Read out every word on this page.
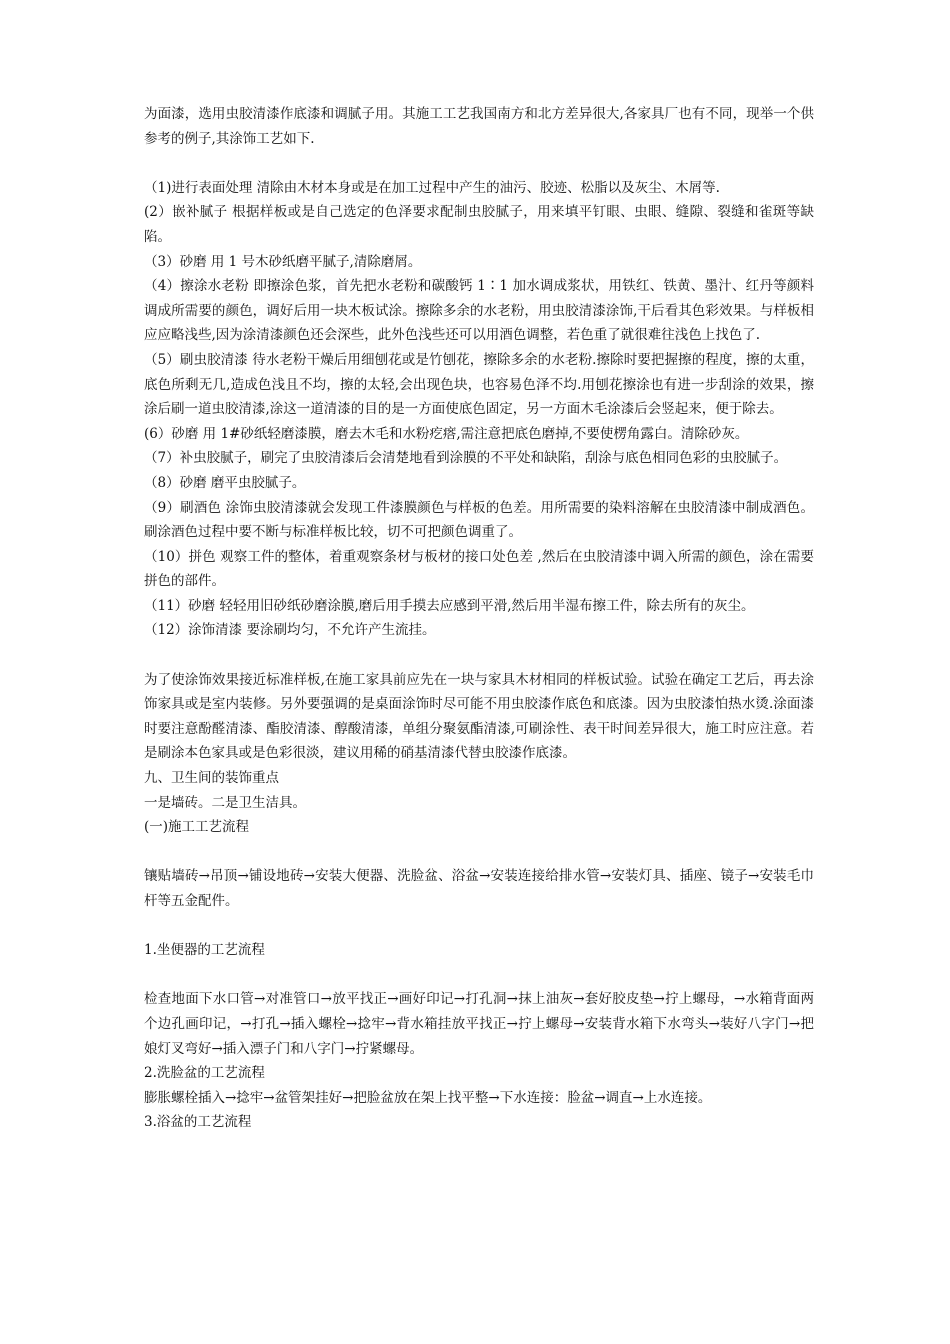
为面漆，选用虫胶清漆作底漆和调腻子用。其施工工艺我国南方和北方差异很大,各家具厂也有不同，现举一个供参考的例子,其涂饰工艺如下.

（1)进行表面处理 清除由木材本身或是在加工过程中产生的油污、胶迹、松脂以及灰尘、木屑等.

(2）嵌补腻子 根据样板或是自己选定的色泽要求配制虫胶腻子，用来填平钉眼、虫眼、缝隙、裂缝和雀斑等缺陷。

（3）砂磨 用 1 号木砂纸磨平腻子,清除磨屑。

（4）擦涂水老粉 即擦涂色浆，首先把水老粉和碳酸钙 1∶1 加水调成浆状，用铁红、铁黄、墨汁、红丹等颜料调成所需要的颜色，调好后用一块木板试涂。擦除多余的水老粉，用虫胶清漆涂饰,干后看其色彩效果。与样板相应应略浅些,因为涂清漆颜色还会深些，此外色浅些还可以用酒色调整，若色重了就很难往浅色上找色了.

（5）刷虫胶清漆 待水老粉干燥后用细刨花或是竹刨花，擦除多余的水老粉.擦除时要把握擦的程度，擦的太重，底色所剩无几,造成色浅且不均，擦的太轻,会出现色块，也容易色泽不均.用刨花擦涂也有进一步刮涂的效果，擦涂后刷一道虫胶清漆,涂这一道清漆的目的是一方面使底色固定，另一方面木毛涂漆后会竖起来，便于除去。

(6）砂磨 用 1#砂纸轻磨漆膜，磨去木毛和水粉疙瘩,需注意把底色磨掉,不要使楞角露白。清除砂灰。

（7）补虫胶腻子，刷完了虫胶清漆后会清楚地看到涂膜的不平处和缺陷，刮涂与底色相同色彩的虫胶腻子。

（8）砂磨 磨平虫胶腻子。

（9）刷酒色 涂饰虫胶清漆就会发现工件漆膜颜色与样板的色差。用所需要的染料溶解在虫胶清漆中制成酒色。刷涂酒色过程中要不断与标准样板比较，切不可把颜色调重了。

（10）拼色 观察工件的整体，着重观察条材与板材的接口处色差 ,然后在虫胶清漆中调入所需的颜色，涂在需要拼色的部件。

（11）砂磨 轻轻用旧砂纸砂磨涂膜,磨后用手摸去应感到平滑,然后用半湿布擦工件，除去所有的灰尘。

（12）涂饰清漆 要涂刷均匀，不允许产生流挂。

为了使涂饰效果接近标准样板,在施工家具前应先在一块与家具木材相同的样板试验。试验在确定工艺后，再去涂饰家具或是室内装修。另外要强调的是桌面涂饰时尽可能不用虫胶漆作底色和底漆。因为虫胶漆怕热水烫.涂面漆时要注意酚醛清漆、酯胶清漆、醇酸清漆，单组分聚氨酯清漆,可刷涂性、表干时间差异很大，施工时应注意。若是刷涂本色家具或是色彩很淡，建议用稀的硝基清漆代替虫胶漆作底漆。

九、卫生间的装饰重点

一是墙砖。二是卫生洁具。

(一)施工工艺流程

镶贴墙砖→吊顶→铺设地砖→安装大便器、洗脸盆、浴盆→安装连接给排水管→安装灯具、插座、镜子→安装毛巾杆等五金配件。

1.坐便器的工艺流程

检查地面下水口管→对准管口→放平找正→画好印记→打孔洞→抹上油灰→套好胶皮垫→拧上螺母，→水箱背面两个边孔画印记，→打孔→插入螺栓→捻牢→背水箱挂放平找正→拧上螺母→安装背水箱下水弯头→装好八字门→把娘灯叉弯好→插入漂子门和八字门→拧紧螺母。

2.洗脸盆的工艺流程

膨胀螺栓插入→捻牢→盆管架挂好→把脸盆放在架上找平整→下水连接：脸盆→调直→上水连接。

3.浴盆的工艺流程
